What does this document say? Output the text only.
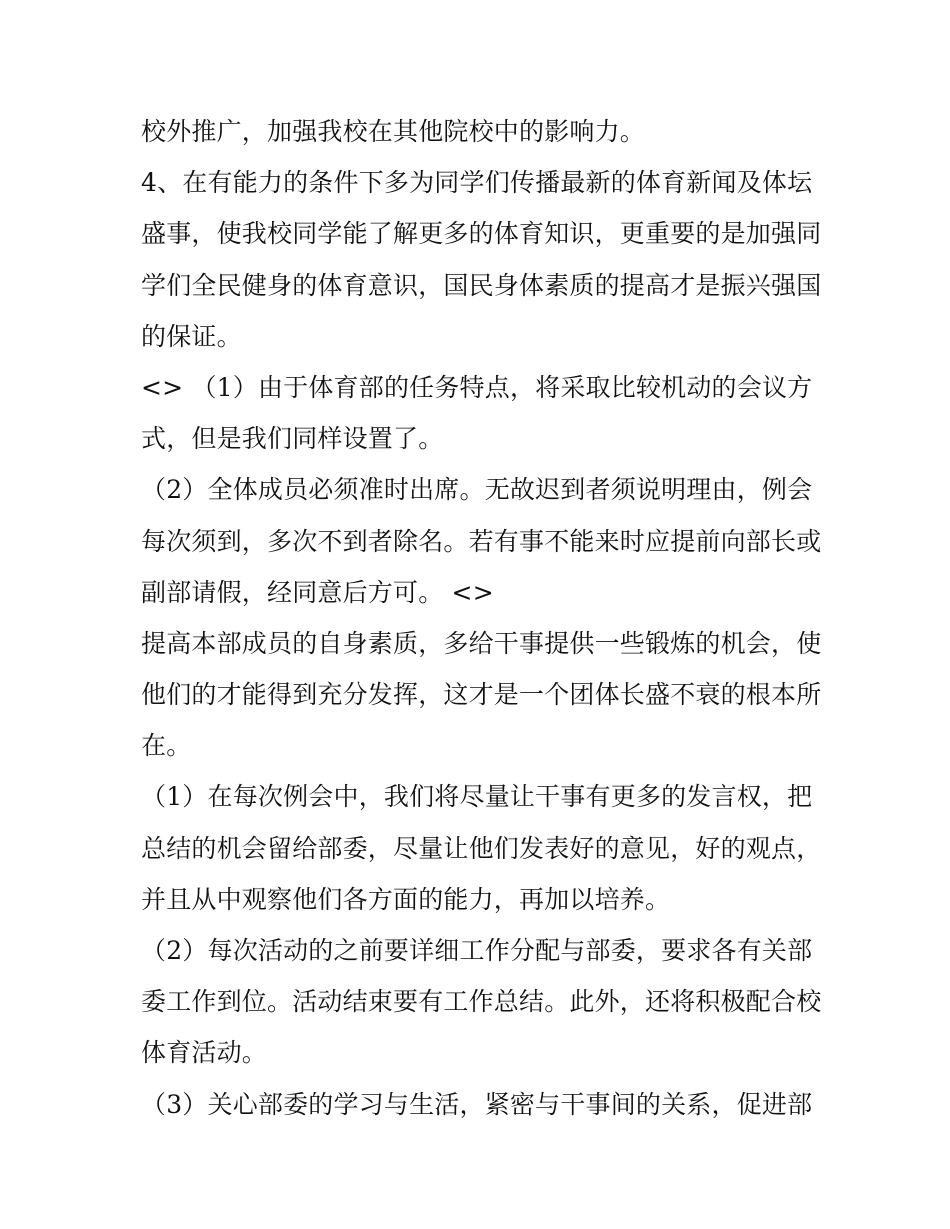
校外推广，加强我校在其他院校中的影响力。
4、在有能力的条件下多为同学们传播最新的体育新闻及体坛
盛事，使我校同学能了解更多的体育知识，更重要的是加强同
学们全民健身的体育意识，国民身体素质的提高才是振兴强国
的保证。
<> （1）由于体育部的任务特点，将采取比较机动的会议方
式，但是我们同样设置了。
（2）全体成员必须准时出席。无故迟到者须说明理由，例会
每次须到，多次不到者除名。若有事不能来时应提前向部长或
副部请假，经同意后方可。 <>
提高本部成员的自身素质，多给干事提供一些锻炼的机会，使
他们的才能得到充分发挥，这才是一个团体长盛不衰的根本所
在。
（1）在每次例会中，我们将尽量让干事有更多的发言权，把
总结的机会留给部委，尽量让他们发表好的意见，好的观点，
并且从中观察他们各方面的能力，再加以培养。
（2）每次活动的之前要详细工作分配与部委，要求各有关部
委工作到位。活动结束要有工作总结。此外，还将积极配合校
体育活动。
（3）关心部委的学习与生活，紧密与干事间的关系，促进部
